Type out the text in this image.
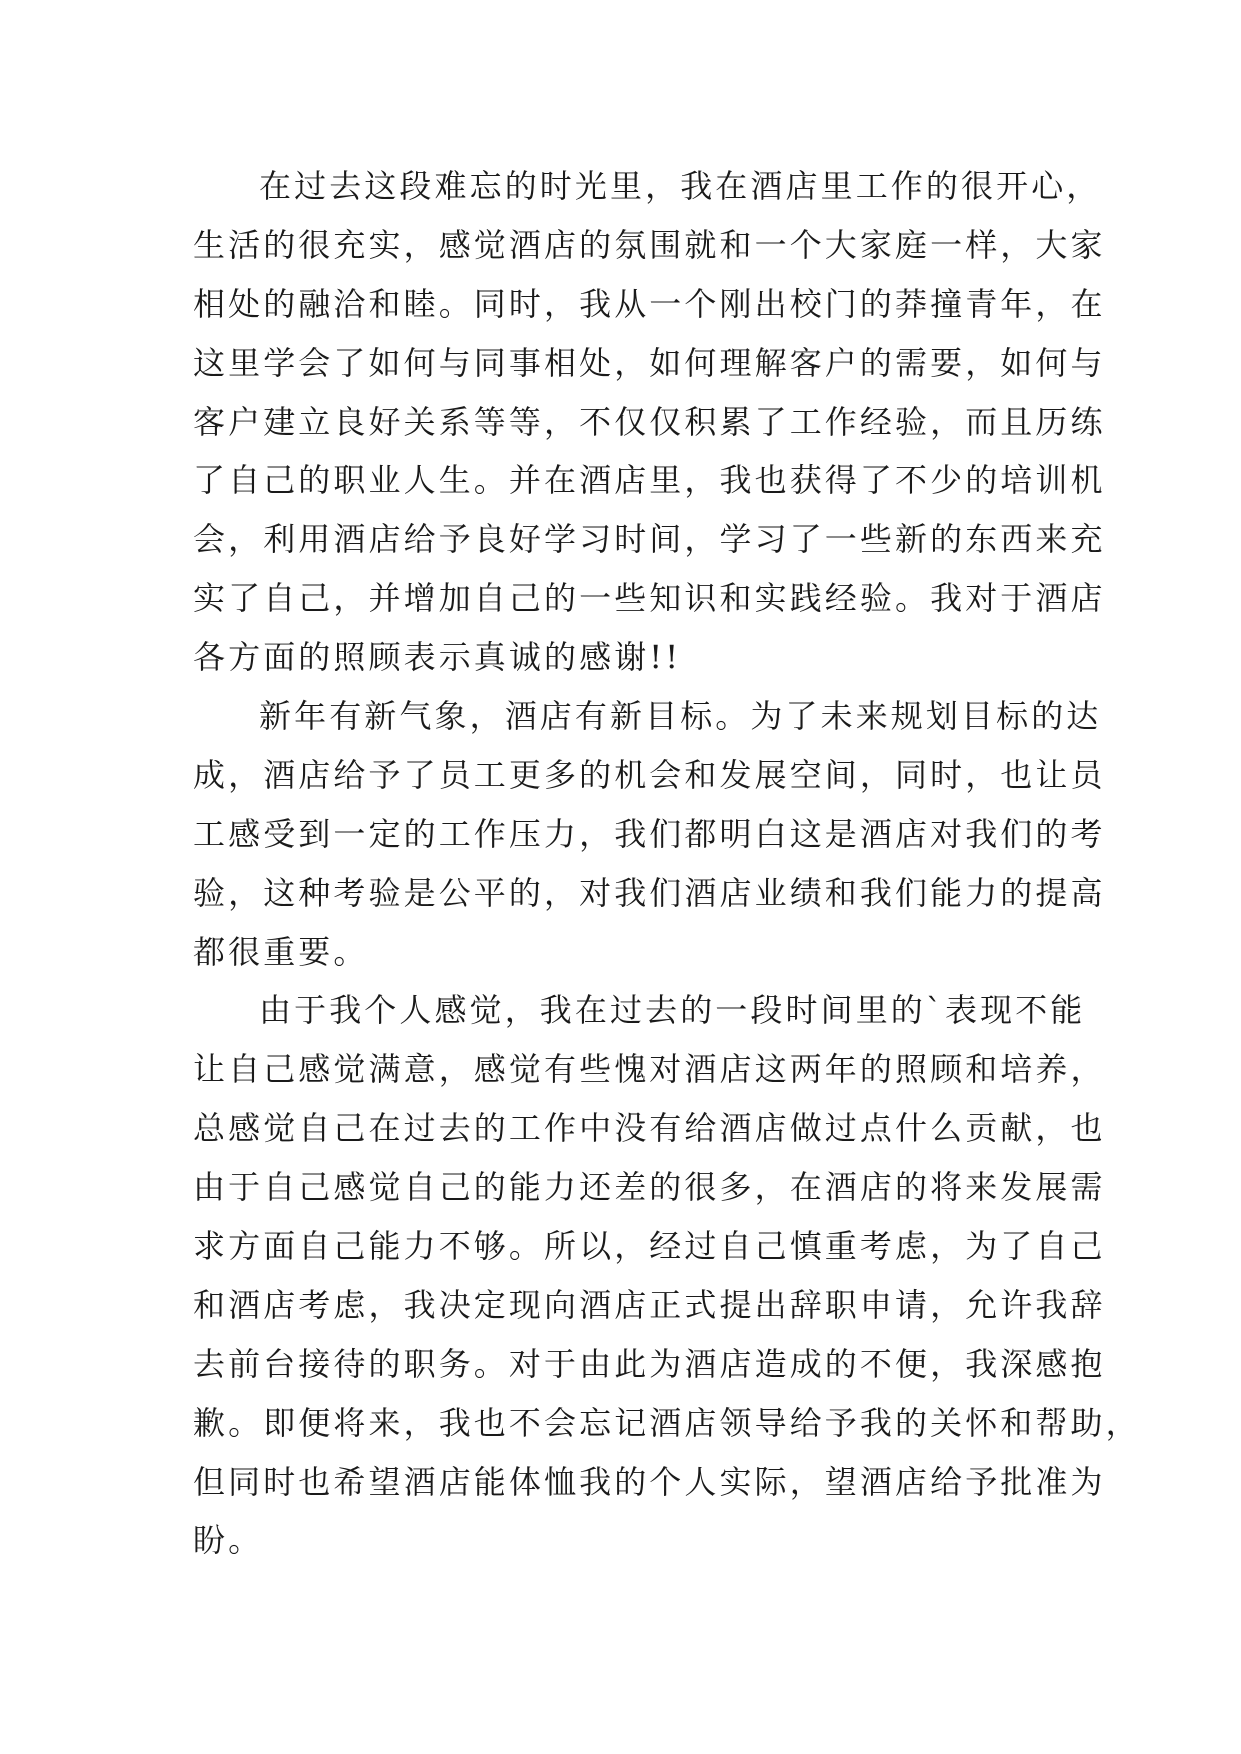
在过去这段难忘的时光里，我在酒店里工作的很开心，

生活的很充实，感觉酒店的氛围就和一个大家庭一样，大家

相处的融洽和睦。同时，我从一个刚出校门的莽撞青年，在

这里学会了如何与同事相处，如何理解客户的需要，如何与

客户建立良好关系等等，不仅仅积累了工作经验，而且历练

了自己的职业人生。并在酒店里，我也获得了不少的培训机

会，利用酒店给予良好学习时间，学习了一些新的东西来充

实了自己，并增加自己的一些知识和实践经验。我对于酒店

各方面的照顾表示真诚的感谢!!

新年有新气象，酒店有新目标。为了未来规划目标的达

成，酒店给予了员工更多的机会和发展空间，同时，也让员

工感受到一定的工作压力，我们都明白这是酒店对我们的考

验，这种考验是公平的，对我们酒店业绩和我们能力的提高

都很重要。

由于我个人感觉，我在过去的一段时间里的`表现不能

让自己感觉满意，感觉有些愧对酒店这两年的照顾和培养，

总感觉自己在过去的工作中没有给酒店做过点什么贡献，也

由于自己感觉自己的能力还差的很多，在酒店的将来发展需

求方面自己能力不够。所以，经过自己慎重考虑，为了自己

和酒店考虑，我决定现向酒店正式提出辞职申请，允许我辞

去前台接待的职务。对于由此为酒店造成的不便，我深感抱

歉。即便将来，我也不会忘记酒店领导给予我的关怀和帮助，

但同时也希望酒店能体恤我的个人实际，望酒店给予批准为

盼。
